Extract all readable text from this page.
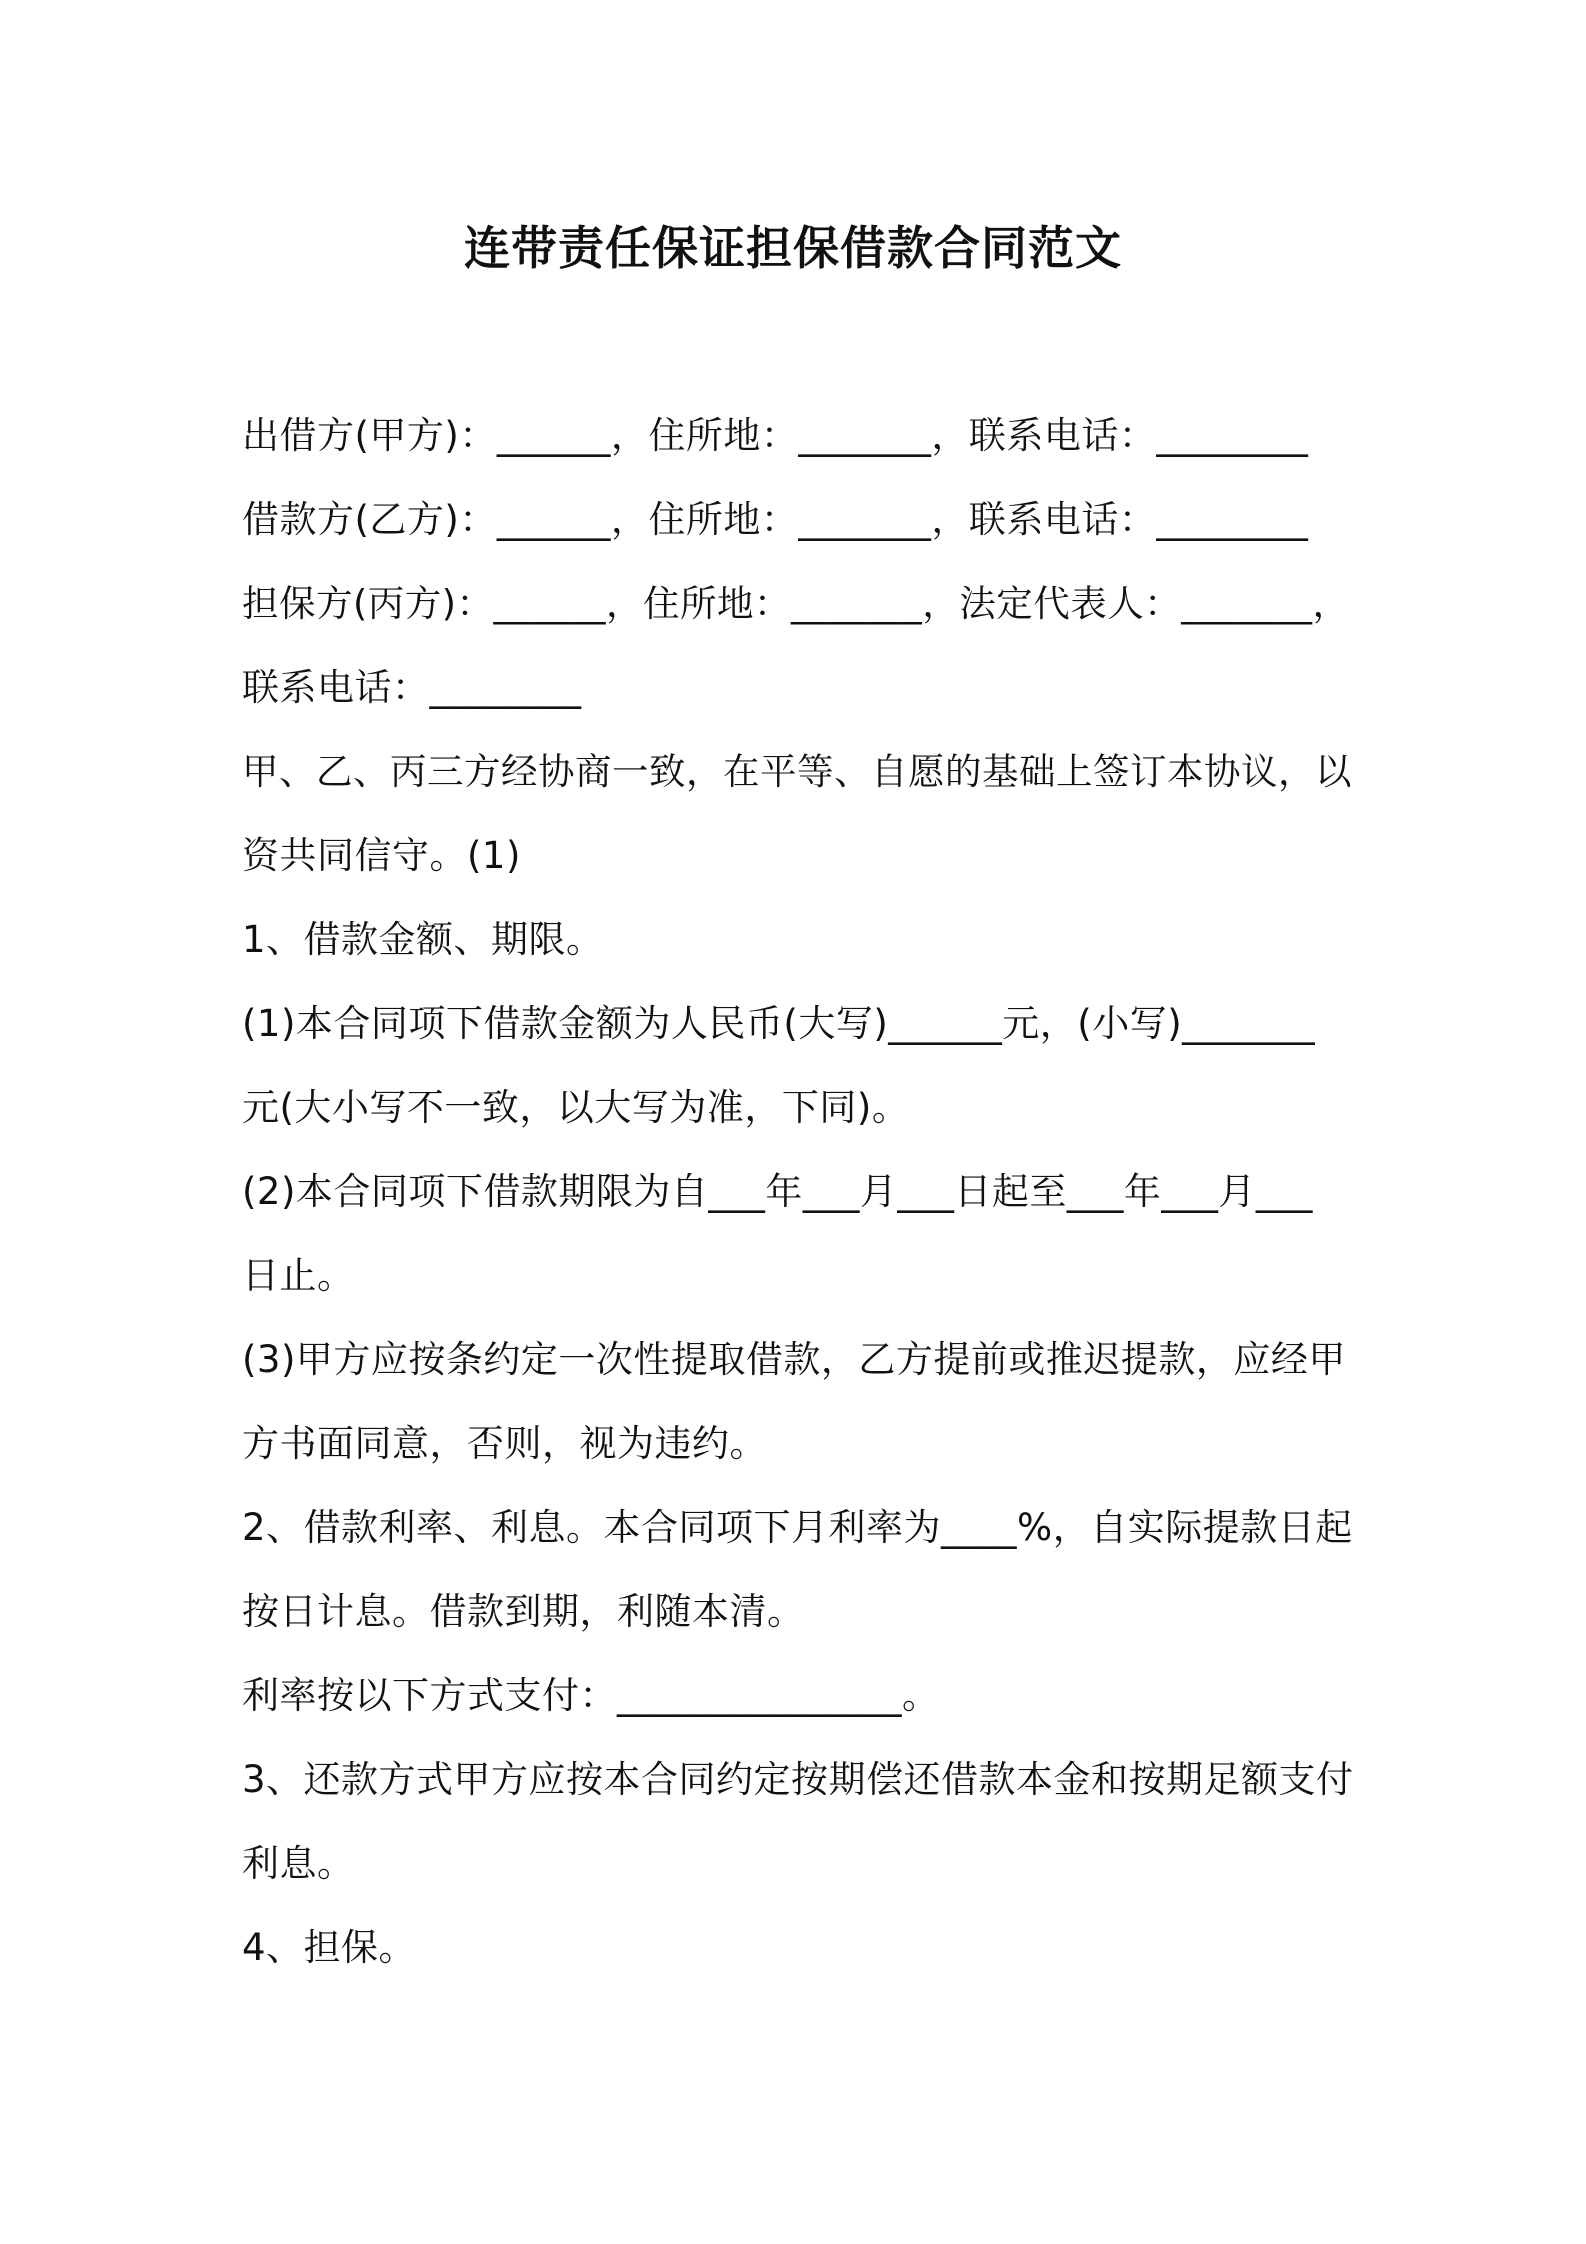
连带责任保证担保借款合同范文
出借方(甲方)：______，住所地：_______，联系电话：________
借款方(乙方)：______，住所地：_______，联系电话：________
担保方(丙方)：______，住所地：_______，法定代表人：_______，
联系电话：________
甲、乙、丙三方经协商一致，在平等、自愿的基础上签订本协议，以
资共同信守。(1)
1、借款金额、期限。
(1)本合同项下借款金额为人民币(大写)______元，(小写)_______
元(大小写不一致，以大写为准，下同)。
(2)本合同项下借款期限为自___年___月___日起至___年___月___
日止。
(3)甲方应按条约定一次性提取借款，乙方提前或推迟提款，应经甲
方书面同意，否则，视为违约。
2、借款利率、利息。本合同项下月利率为____%，自实际提款日起
按日计息。借款到期，利随本清。
利率按以下方式支付：_______________。
3、还款方式甲方应按本合同约定按期偿还借款本金和按期足额支付
利息。
4、担保。
